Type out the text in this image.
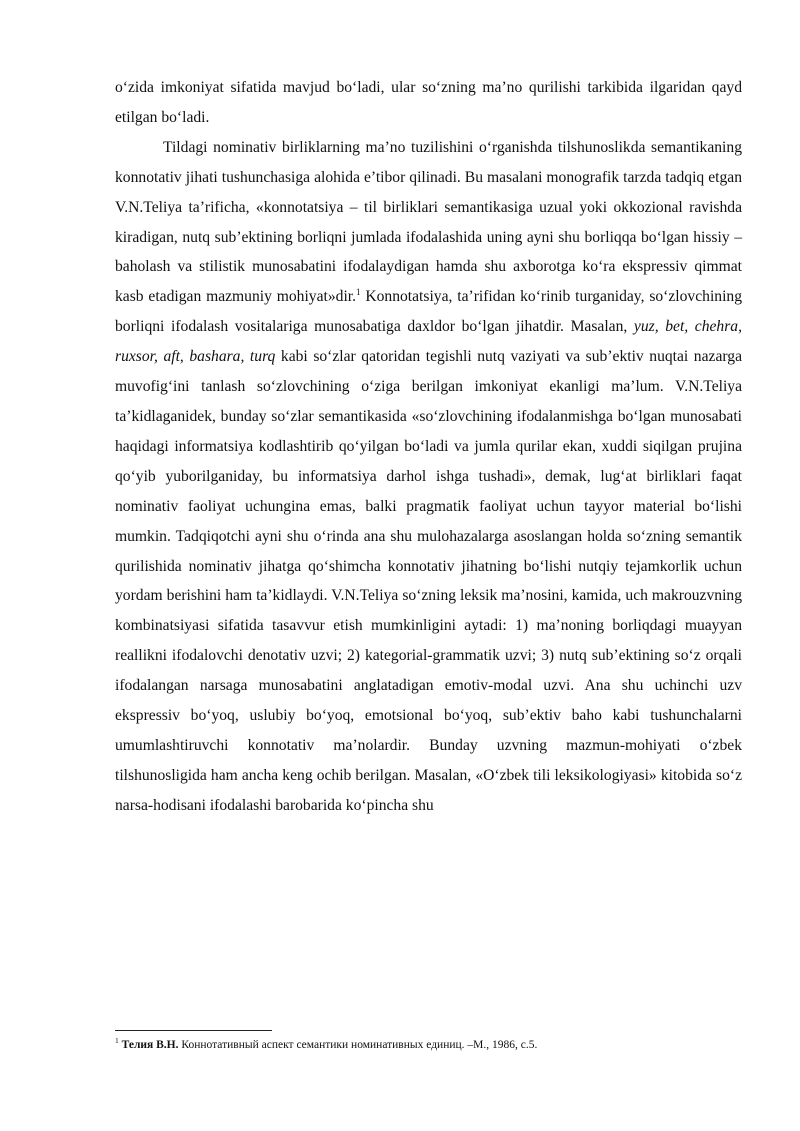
o‘zida imkoniyat sifatida mavjud bo‘ladi, ular so‘zning ma’no qurilishi tarkibida ilgaridan qayd etilgan bo‘ladi.

Tildagi nominativ birliklarning ma’no tuzilishini o‘rganishda tilshunoslikda semantikaning konnotativ jihati tushunchasiga alohida e’tibor qilinadi. Bu masalani monografik tarzda tadqiq etgan V.N.Teliya ta’rificha, «konnotatsiya – til birliklari semantikasiga uzual yoki okkozional ravishda kiradigan, nutq sub’ektining borliqni jumlada ifodalashida uning ayni shu borliqqa bo‘lgan hissiy – baholash va stilistik munosabatini ifodalaydigan hamda shu axborotga ko‘ra ekspressiv qimmat kasb etadigan mazmuniy mohiyat»dir.$^1$ Konnotatsiya, ta’rifidan ko‘rinib turganiday, so‘zlovchining borliqni ifodalash vositalariga munosabatiga daxldor bo‘lgan jihatdir. Masalan, yuz, bet, chehra, ruxsor, aft, bashara, turq kabi so‘zlar qatoridan tegishli nutq vaziyati va sub’ektiv nuqtai nazarga muvofig‘ini tanlash so‘zlovchining o‘ziga berilgan imkoniyat ekanligi ma’lum. V.N.Teliya ta’kidlaganidek, bunday so‘zlar semantikasida «so‘zlovchining ifodalanmishga bo‘lgan munosabati haqidagi informatsiya kodlashtirib qo‘yilgan bo‘ladi va jumla qurilar ekan, xuddi siqilgan prujina qo‘yib yuborilganiday, bu informatsiya darhol ishga tushadi», demak, lug‘at birliklari faqat nominativ faoliyat uchungina emas, balki pragmatik faoliyat uchun tayyor material bo‘lishi mumkin. Tadqiqotchi ayni shu o‘rinda ana shu mulohazalarga asoslangan holda so‘zning semantik qurilishida nominativ jihatga qo‘shimcha konnotativ jihatning bo‘lishi nutqiy tejamkorlik uchun yordam berishini ham ta’kidlaydi. V.N.Teliya so‘zning leksik ma’nosini, kamida, uch makrouzvning kombinatsiyasi sifatida tasavvur etish mumkinligini aytadi: 1) ma’noning borliqdagi muayyan reallikni ifodalovchi denotativ uzvi; 2) kategorial-grammatik uzvi; 3) nutq sub’ektining so‘z orqali ifodalangan narsaga munosabatini anglatadigan emotiv-modal uzvi. Ana shu uchinchi uzv ekspressiv bo‘yoq, uslubiy bo‘yoq, emotsional bo‘yoq, sub’ektiv baho kabi tushunchalarni umumlashtiruvchi konnotativ ma’nolardir. Bunday uzvning mazmun-mohiyati o‘zbek tilshunosligida ham ancha keng ochib berilgan. Masalan, «O‘zbek tili leksikologiyasi» kitobida so‘z narsa-hodisani ifodalashi barobarida ko‘pincha shu

$^1$ Телия В.Н. Коннотативный аспект семантики номинативных единиц. –М., 1986, с.5.
